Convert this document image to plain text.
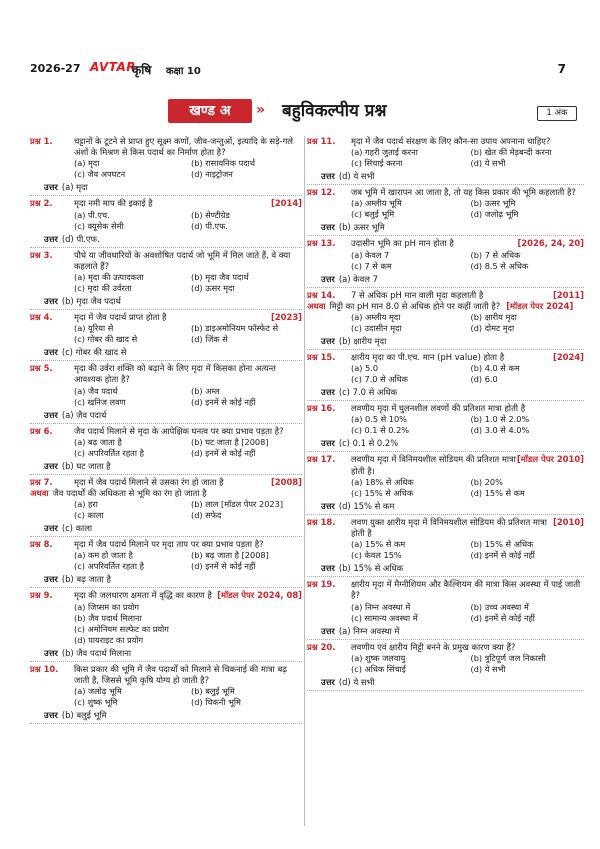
2026-27 AVTAR
कृषि कक्षा 10	7
खण्ड अ	» बहुविकल्पीय प्रश्न	1 अंक
प्रश्न 1.	चट्टानों के टूटने से प्राप्त हुए सूक्ष्म कणों, जीव-जन्तुओं, इत्यादि के सड़े-गले अंशों के मिश्रण से किस पदार्थ का निर्माण होता है?
(a) मृदा	(b) रासायनिक पदार्थ
(c) जैव अपघटन	(d) नाइट्रोजन
उत्तर (a) मृदा
प्रश्न 2.	[2014]
मृदा नमी माप की इकाई है
(a) पी.एच.	(b) सेण्टीग्रेड
(c) क्यूसेक सेमी	(d) पी.एफ.
उत्तर (d) पी.एफ.
प्रश्न 3.	पौधे या जीवधारियों के अवशोषित पदार्थ जो भूमि में मिल जाते हैं, वे क्या कहलाते हैं?
(a) मृदा की उत्पादकता	(b) मृदा जैव पदार्थ
(c) मृदा की उर्वरता	(d) ऊसर मृदा
उत्तर (b) मृदा जैव पदार्थ
प्रश्न 4.	[2023]
मृदा में जैव पदार्थ प्राप्त होता है
(a) यूरिया से	(b) डाइअमोनियम फॉस्फेट से
(c) गोबर की खाद से	(d) जिंक से
उत्तर (c) गोबर की खाद से
प्रश्न 5.	मृदा की उर्वरा शक्ति को बढ़ाने के लिए मृदा में किसका होना अत्यन्त आवश्यक होता है?
(a) जैव पदार्थ	(b) अम्ल
(c) खनिज लवण	(d) इनमें से कोई नहीं
उत्तर (a) जैव पदार्थ
प्रश्न 6.	जैव पदार्थ मिलाने से मृदा के आपेक्षिक घनत्व पर क्या प्रभाव पड़ता है?
(a) बढ़ जाता है	(b) घट जाता है [2008]
(c) अपरिवर्तित रहता है	(d) इनमें से कोई नहीं
उत्तर (b) घट जाता है
प्रश्न 7.	[2008]
मृदा में जैव पदार्थ मिलाने से उसका रंग हो जाता है
अथवा जैव पदार्थों की अधिकता से भूमि का रंग हो जाता है
(a) हरा	(b) लाल [मॉडल पेपर 2023]
(c) काला	(d) सफेद
उत्तर (c) काला
प्रश्न 8.	मृदा में जैव पदार्थ मिलाने पर मृदा ताप पर क्या प्रभाव पड़ता है?
(a) कम हो जाता है	(b) बढ़ जाता है [2008]
(c) अपरिवर्तित रहता है	(d) इनमें से कोई नहीं
उत्तर (b) बढ़ जाता है
प्रश्न 9.	[मॉडल पेपर 2024, 08]
मृदा की जलधारण क्षमता में वृद्धि का कारण है
(a) जिप्सम का प्रयोग
(b) जैव पदार्थ मिलाना
(c) अमोनियम सल्फेट का प्रयोग
(d) पायराइट का प्रयोग
उत्तर (b) जैव पदार्थ मिलाना
प्रश्न 10. किस प्रकार की भूमि में जैव पदार्थों को मिलाने से चिकनाई की मात्रा बढ़ जाती है, जिससे भूमि कृषि योग्य हो जाती है?
(a) जलोढ़ भूमि	(b) बलुई भूमि
(c) शुष्क भूमि	(d) चिकनी भूमि
उत्तर (b) बलुई भूमि
प्रश्न 11. मृदा में जैव पदार्थ संरक्षण के लिए कौन-सा उपाय अपनाना चाहिए?
(a) गहरी जुताई करना	(b) खेत की मेड़बन्दी करना
(c) सिंचाई करना	(d) ये सभी
उत्तर (d) ये सभी
प्रश्न 12. जब भूमि में खारापन आ जाता है, तो यह किस प्रकार की भूमि कहलाती है?
(a) अम्लीय भूमि	(b) ऊसर भूमि
(c) बलुई भूमि	(d) जलोढ़ भूमि
उत्तर (b) ऊसर भूमि
प्रश्न 13.	[2026, 24, 20]
उदासीन भूमि का pH मान होता है
(a) केवल 7	(b) 7 से अधिक
(c) 7 से कम	(d) 8.5 से अधिक
उत्तर (a) केवल 7
प्रश्न 14.	[2011]
7 से अधिक pH मान वाली मृदा कहलाती है
अथवा मिट्टी का pH मान 8.0 से अधिक होने पर कहीं जाती है? [मॉडल पेपर 2024]
(a) अम्लीय मृदा	(b) क्षारीय मृदा
(c) उदासीन मृदा	(d) दोमट मृदा
उत्तर (b) क्षारीय मृदा
प्रश्न 15.	[2024]
क्षारीय मृदा का पी.एच. मान (pH value) होता है
(a) 5.0	(b) 4.0 से कम
(c) 7.0 से अधिक	(d) 6.0
उत्तर (c) 7.0 से अधिक
प्रश्न 16. लवणीय मृदा में घुलनशील लवणों की प्रतिशत मात्रा होती है
(a) 0.5 से 10%	(b) 1.0 से 2.0%
(c) 0.1 से 0.2%	(d) 3.0 से 4.0%
उत्तर (c) 0.1 से 0.2%
प्रश्न 17.	[मॉडल पेपर 2010]
लवणीय मृदा में विनिमयशील सोडियम की प्रतिशत मात्रा होती है।
(a) 18% से अधिक	(b) 20%
(c) 15% से अधिक	(d) 15% से कम
उत्तर (d) 15% से कम
प्रश्न 18.	[2010]
लवण युक्त क्षारीय मृदा में विनिमयशील सोडियम की प्रतिशत मात्रा होती है
(a) 15% से कम	(b) 15% से अधिक
(c) केवल 15%	(d) इनमें से कोई नहीं
उत्तर (b) 15% से अधिक
प्रश्न 19. क्षारीय मृदा में मैग्नीशियम और कैल्शियम की मात्रा किस अवस्था में पाई जाती है?
(a) निम्न अवस्था में	(b) उच्च अवस्था में
(c) सामान्य अवस्था में	(d) इनमें से कोई नहीं
उत्तर (a) निम्न अवस्था में
प्रश्न 20. लवणीय एवं क्षारीय मिट्टी बनने के प्रमुख कारण क्या हैं?
(a) शुष्क जलवायु	(b) त्रुटिपूर्ण जल निकासी
(c) अधिक सिंचाई	(d) ये सभी
उत्तर (d) ये सभी
